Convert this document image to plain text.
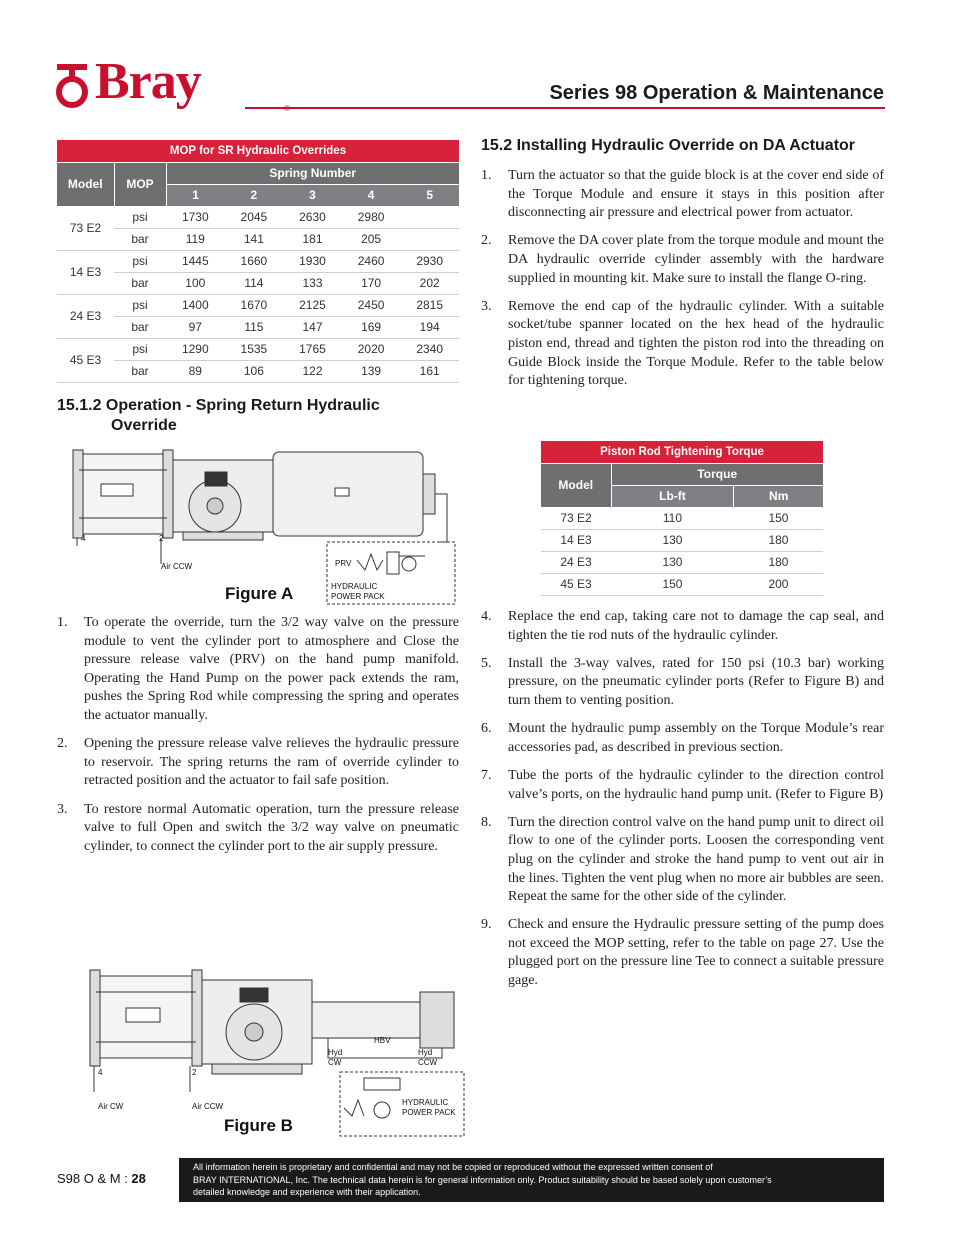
Bray	Series 98 Operation & Maintenance
MOP for SR Hydraulic Overrides						
Model	MOP	Spring Number				
		1	2	3	4	5
73 E2	psi	1730	2045	2630	2980	
	bar	119	141	181	205	
14 E3	psi	1445	1660	1930	2460	2930
	bar	100	114	133	170	202
24 E3	psi	1400	1670	2125	2450	2815
	bar	97	115	147	169	194
45 E3	psi	1290	1535	1765	2020	2340
	bar	89	106	122	139	161
15.1.2 Operation - Spring Return Hydraulic
Override
4	2
Air CCW	PRV
HYDRAULIC
POWER PACK
Figure A
1. To operate the override, turn the 3/2 way valve on the pressure module to vent the cylinder port to atmosphere and Close the pressure release valve (PRV) on the hand pump manifold. Operating the Hand Pump on the power pack extends the ram, pushes the Spring Rod while compressing the spring and operates the actuator manually.
2. Opening the pressure release valve relieves the hydraulic pressure to reservoir. The spring returns the ram of override cylinder to retracted position and the actuator to fail safe position.
3. To restore normal Automatic operation, turn the pressure release valve to full Open and switch the 3/2 way valve on pneumatic cylinder, to connect the cylinder port to the air supply pressure.
4	2
Air CW	Air CCW
HBV
Hyd
CW
Hyd
CCW
HYDRAULIC
POWER PACK
Figure B
15.2 Installing Hydraulic Override on DA Actuator
1. Turn the actuator so that the guide block is at the cover end side of the Torque Module and ensure it stays in this position after disconnecting air pressure and electrical power from actuator.
2. Remove the DA cover plate from the torque module and mount the DA hydraulic override cylinder assembly with the hardware supplied in mounting kit. Make sure to install the flange O-ring.
3. Remove the end cap of the hydraulic cylinder. With a suitable socket/tube spanner located on the hex head of the hydraulic piston end, thread and tighten the piston rod into the threading on Guide Block inside the Torque Module. Refer to the table below for tightening torque.
Piston Rod Tightening Torque		
Model	Torque	
	Lb-ft	Nm
73 E2	110	150
14 E3	130	180
24 E3	130	180
45 E3	150	200
4. Replace the end cap, taking care not to damage the cap seal, and tighten the tie rod nuts of the hydraulic cylinder.
5. Install the 3-way valves, rated for 150 psi (10.3 bar) working pressure, on the pneumatic cylinder ports (Refer to Figure B) and turn them to venting position.
6. Mount the hydraulic pump assembly on the Torque Module’s rear accessories pad, as described in previous section.
7. Tube the ports of the hydraulic cylinder to the direction control valve’s ports, on the hydraulic hand pump unit. (Refer to Figure B)
8. Turn the direction control valve on the hand pump unit to direct oil flow to one of the cylinder ports. Loosen the corresponding vent plug on the cylinder and stroke the hand pump to vent out air in the lines. Tighten the vent plug when no more air bubbles are seen. Repeat the same for the other side of the cylinder.
9. Check and ensure the Hydraulic pressure setting of the pump does not exceed the MOP setting, refer to the table on page 27. Use the plugged port on the pressure line Tee to connect a suitable pressure gage.
S98 O & M : 28
All information herein is proprietary and confidential and may not be copied or reproduced without the expressed written consent of
BRAY INTERNATIONAL, Inc. The technical data herein is for general information only. Product suitability should be based solely upon customer’s
detailed knowledge and experience with their application.
